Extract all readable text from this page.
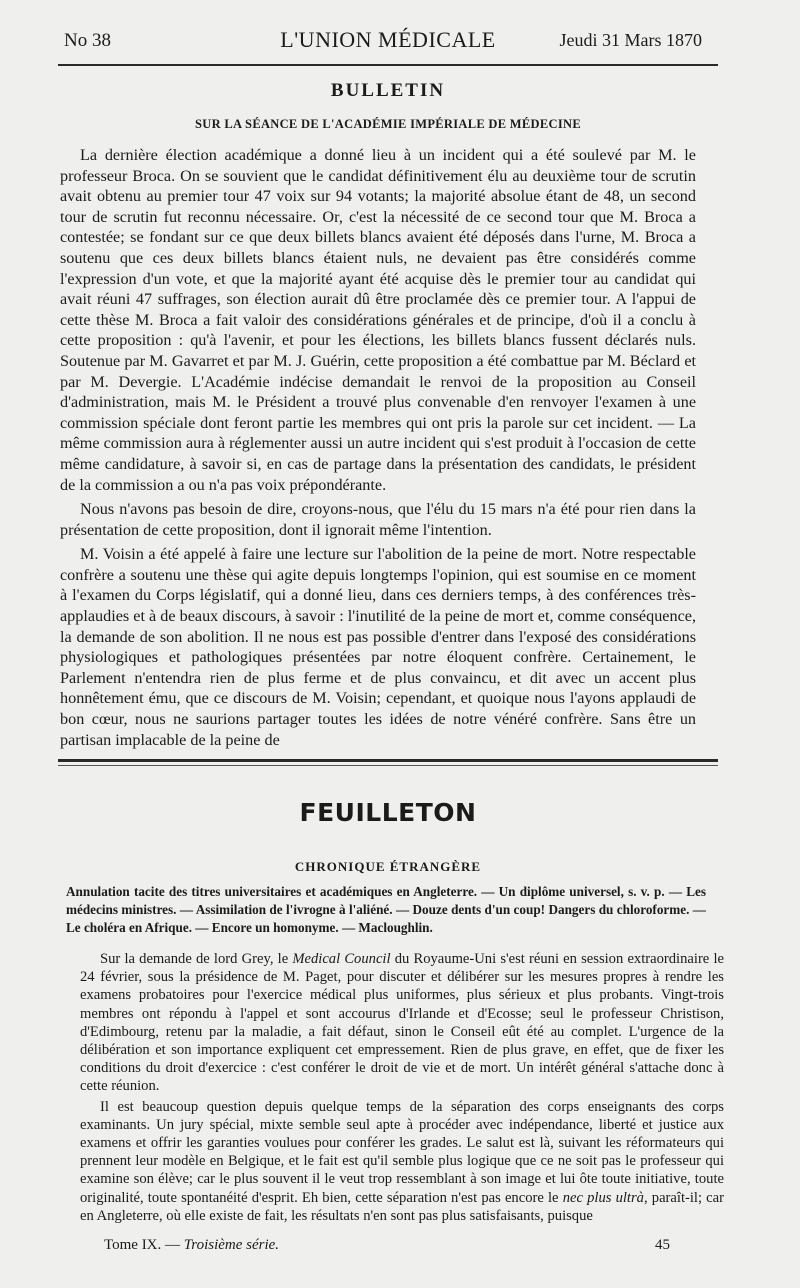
No 38	L'UNION MÉDICALE	Jeudi 31 Mars 1870
BULLETIN
SUR LA SÉANCE DE L'ACADÉMIE IMPÉRIALE DE MÉDECINE

La dernière élection académique a donné lieu à un incident qui a été soulevé par M. le professeur Broca. On se souvient que le candidat définitivement élu au deuxième tour de scrutin avait obtenu au premier tour 47 voix sur 94 votants; la majorité absolue étant de 48, un second tour de scrutin fut reconnu nécessaire. Or, c'est la nécessité de ce second tour que M. Broca a contestée; se fondant sur ce que deux billets blancs avaient été déposés dans l'urne, M. Broca a soutenu que ces deux billets blancs étaient nuls, ne devaient pas être considérés comme l'expression d'un vote, et que la majorité ayant été acquise dès le premier tour au candidat qui avait réuni 47 suffrages, son élection aurait dû être proclamée dès ce premier tour. A l'appui de cette thèse M. Broca a fait valoir des considérations générales et de principe, d'où il a conclu à cette proposition : qu'à l'avenir, et pour les élections, les billets blancs fussent déclarés nuls. Soutenue par M. Gavarret et par M. J. Guérin, cette proposition a été combattue par M. Béclard et par M. Devergie. L'Académie indécise demandait le renvoi de la proposition au Conseil d'administration, mais M. le Président a trouvé plus convenable d'en renvoyer l'examen à une commission spéciale dont feront partie les membres qui ont pris la parole sur cet incident. — La même commission aura à réglementer aussi un autre incident qui s'est produit à l'occasion de cette même candidature, à savoir si, en cas de partage dans la présentation des candidats, le président de la commission a ou n'a pas voix prépondérante.

Nous n'avons pas besoin de dire, croyons-nous, que l'élu du 15 mars n'a été pour rien dans la présentation de cette proposition, dont il ignorait même l'intention.

M. Voisin a été appelé à faire une lecture sur l'abolition de la peine de mort. Notre respectable confrère a soutenu une thèse qui agite depuis longtemps l'opinion, qui est soumise en ce moment à l'examen du Corps législatif, qui a donné lieu, dans ces derniers temps, à des conférences très-applaudies et à de beaux discours, à savoir : l'inutilité de la peine de mort et, comme conséquence, la demande de son abolition. Il ne nous est pas possible d'entrer dans l'exposé des considérations physiologiques et pathologiques présentées par notre éloquent confrère. Certainement, le Parlement n'entendra rien de plus ferme et de plus convaincu, et dit avec un accent plus honnêtement ému, que ce discours de M. Voisin; cependant, et quoique nous l'ayons applaudi de bon cœur, nous ne saurions partager toutes les idées de notre vénéré confrère. Sans être un partisan implacable de la peine de

FEUILLETON
CHRONIQUE ÉTRANGÈRE
Annulation tacite des titres universitaires et académiques en Angleterre. — Un diplôme universel, s. v. p. — Les médecins ministres. — Assimilation de l'ivrogne à l'aliéné. — Douze dents d'un coup! Dangers du chloroforme. — Le choléra en Afrique. — Encore un homonyme. — Macloughlin.

Sur la demande de lord Grey, le Medical Council du Royaume-Uni s'est réuni en session extraordinaire le 24 février, sous la présidence de M. Paget, pour discuter et délibérer sur les mesures propres à rendre les examens probatoires pour l'exercice médical plus uniformes, plus sérieux et plus probants. Vingt-trois membres ont répondu à l'appel et sont accourus d'Irlande et d'Ecosse; seul le professeur Christison, d'Edimbourg, retenu par la maladie, a fait défaut, sinon le Conseil eût été au complet. L'urgence de la délibération et son importance expliquent cet empressement. Rien de plus grave, en effet, que de fixer les conditions du droit d'exercice : c'est conférer le droit de vie et de mort. Un intérêt général s'attache donc à cette réunion.

Il est beaucoup question depuis quelque temps de la séparation des corps enseignants des corps examinants. Un jury spécial, mixte semble seul apte à procéder avec indépendance, liberté et justice aux examens et offrir les garanties voulues pour conférer les grades. Le salut est là, suivant les réformateurs qui prennent leur modèle en Belgique, et le fait est qu'il semble plus logique que ce ne soit pas le professeur qui examine son élève; car le plus souvent il le veut trop ressemblant à son image et lui ôte toute initiative, toute originalité, toute spontanéité d'esprit. Eh bien, cette séparation n'est pas encore le nec plus ultrà, paraît-il; car en Angleterre, où elle existe de fait, les résultats n'en sont pas plus satisfaisants, puisque

Tome IX. — Troisième série.	45
